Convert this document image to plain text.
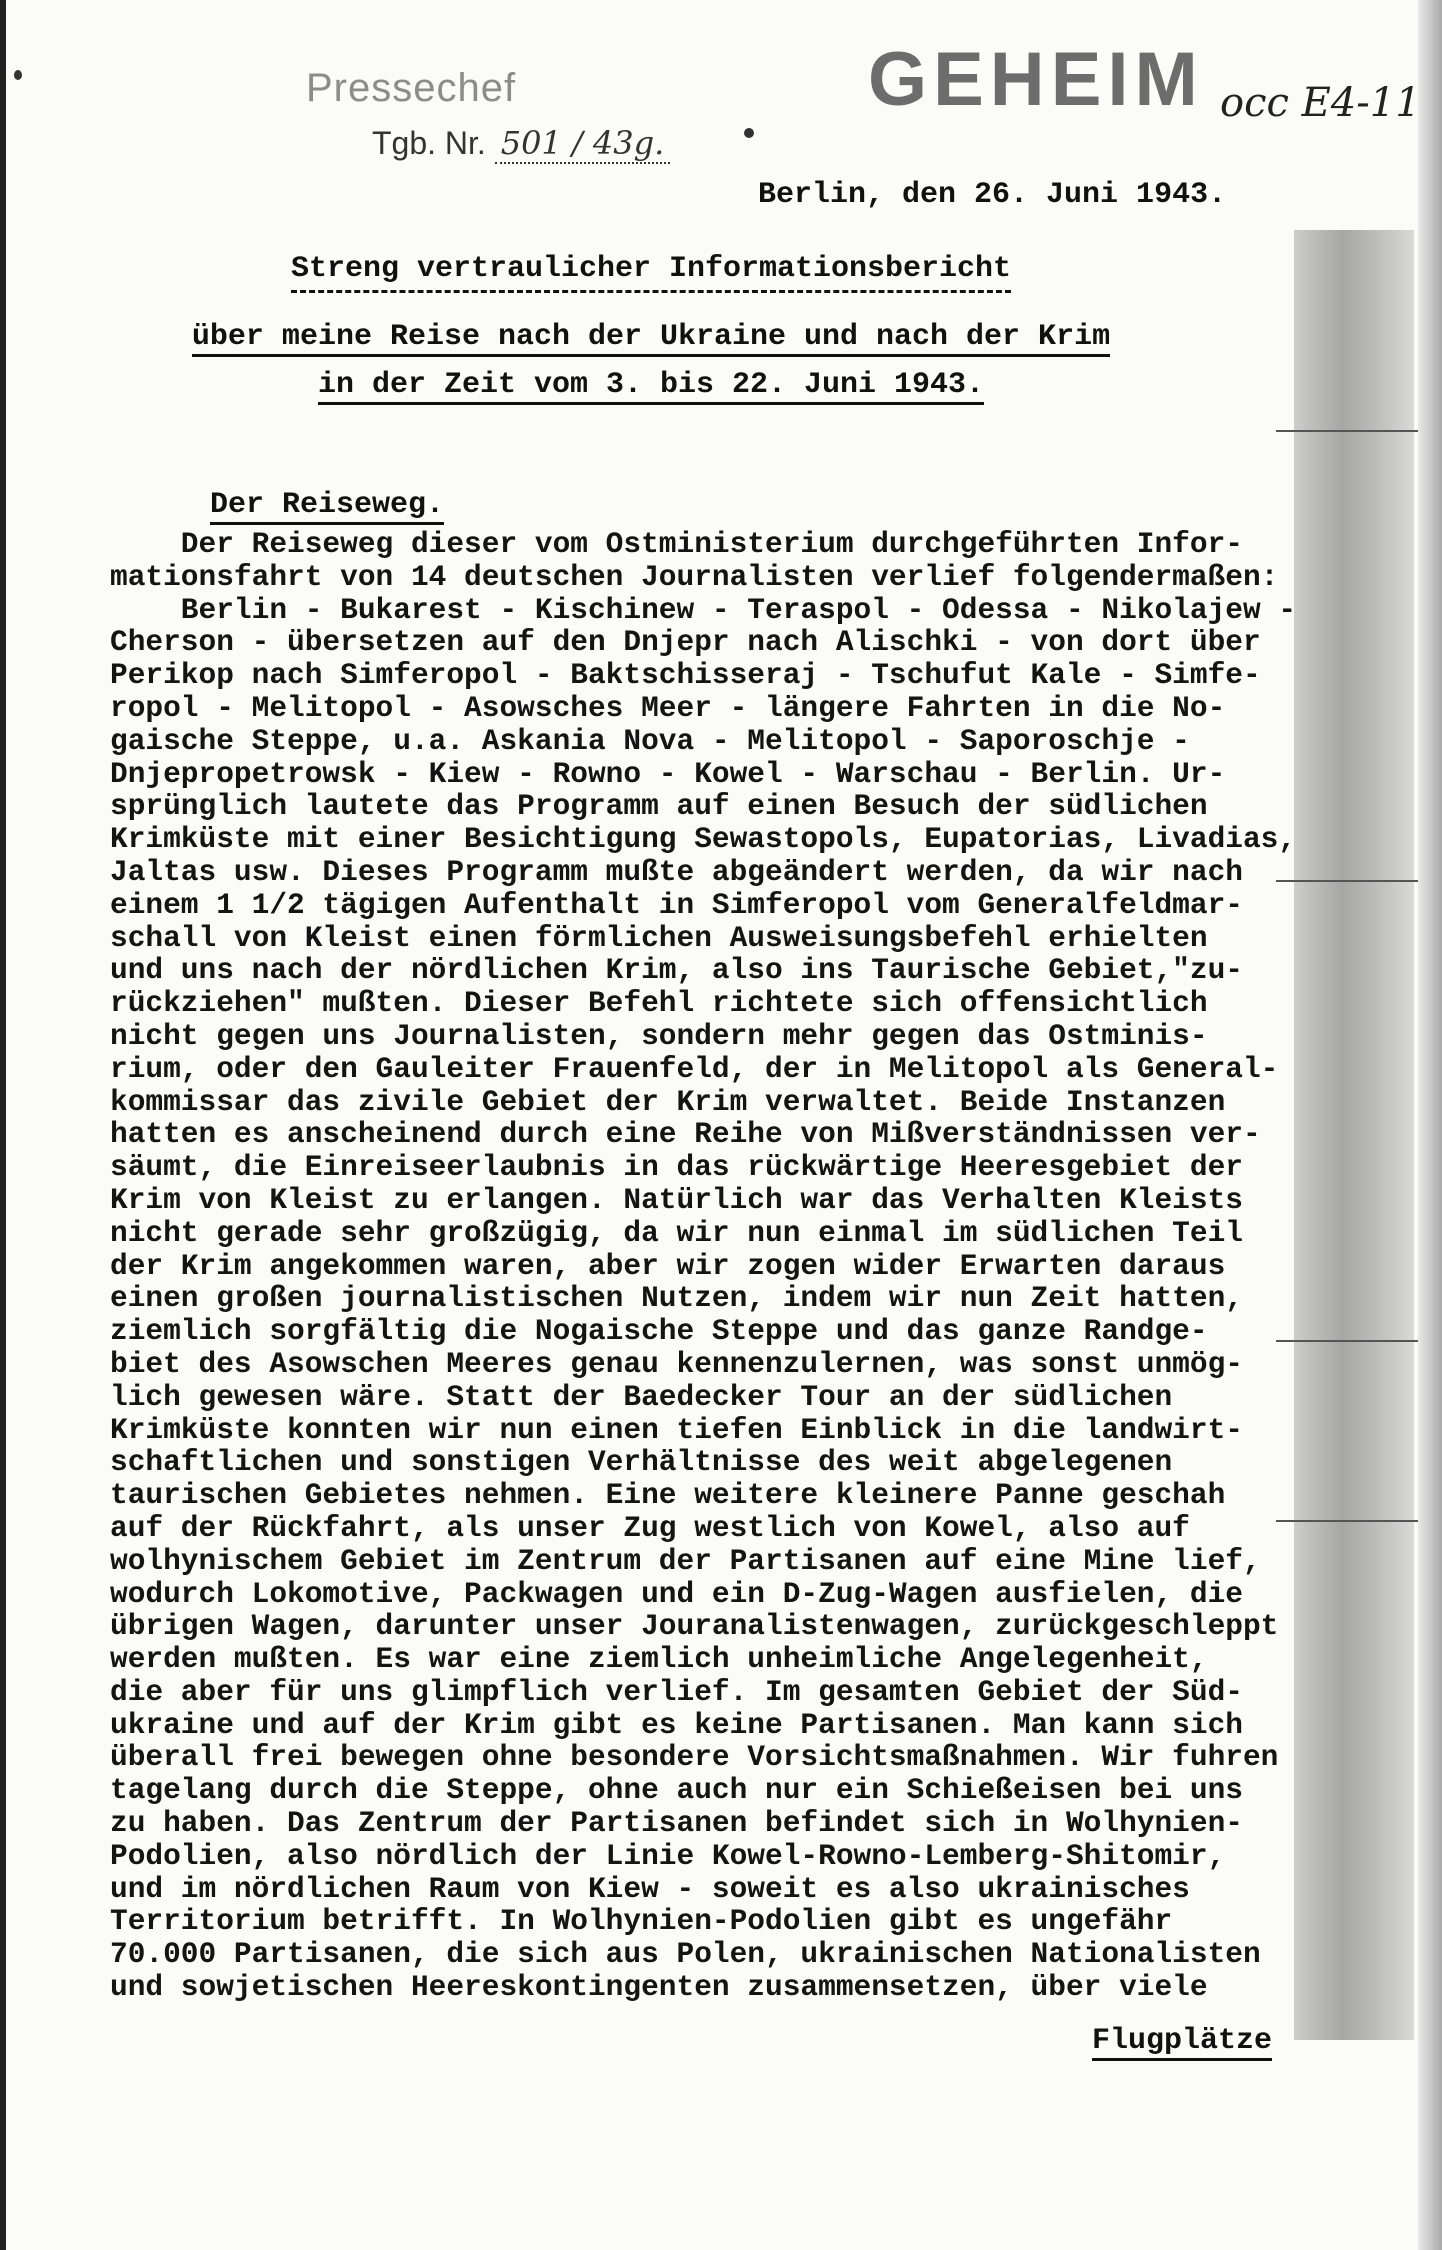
Pressechef
Tgb. Nr. 501 / 43g.
GEHEIM occ E4-11
Berlin, den 26. Juni 1943.
Streng vertraulicher Informationsbericht
über meine Reise nach der Ukraine und nach der Krim
in der Zeit vom 3. bis 22. Juni 1943.
Der Reiseweg.
Der Reiseweg dieser vom Ostministerium durchgeführten Infor-
mationsfahrt von 14 deutschen Journalisten verlief folgendermaßen:
Berlin - Bukarest - Kischinew - Teraspol - Odessa - Nikolajew -
Cherson - übersetzen auf den Dnjepr nach Alischki - von dort über
Perikop nach Simferopol - Baktschisseraj - Tschufut Kale - Simfe-
ropol - Melitopol - Asowsches Meer - längere Fahrten in die No-
gaische Steppe, u.a. Askania Nova - Melitopol - Saporoschje -
Dnjepropetrowsk - Kiew - Rowno - Kowel - Warschau - Berlin. Ur-
sprünglich lautete das Programm auf einen Besuch der südlichen
Krimküste mit einer Besichtigung Sewastopols, Eupatorias, Livadias,
Jaltas usw. Dieses Programm mußte abgeändert werden, da wir nach
einem 1 1/2 tägigen Aufenthalt in Simferopol vom Generalfeldmar-
schall von Kleist einen förmlichen Ausweisungsbefehl erhielten
und uns nach der nördlichen Krim, also ins Taurische Gebiet,"zu-
rückziehen" mußten. Dieser Befehl richtete sich offensichtlich
nicht gegen uns Journalisten, sondern mehr gegen das Ostminis-
rium, oder den Gauleiter Frauenfeld, der in Melitopol als General-
kommissar das zivile Gebiet der Krim verwaltet. Beide Instanzen
hatten es anscheinend durch eine Reihe von Mißverständnissen ver-
säumt, die Einreiseerlaubnis in das rückwärtige Heeresgebiet der
Krim von Kleist zu erlangen. Natürlich war das Verhalten Kleists
nicht gerade sehr großzügig, da wir nun einmal im südlichen Teil
der Krim angekommen waren, aber wir zogen wider Erwarten daraus
einen großen journalistischen Nutzen, indem wir nun Zeit hatten,
ziemlich sorgfältig die Nogaische Steppe und das ganze Randge-
biet des Asowschen Meeres genau kennenzulernen, was sonst unmög-
lich gewesen wäre. Statt der Baedecker Tour an der südlichen
Krimküste konnten wir nun einen tiefen Einblick in die landwirt-
schaftlichen und sonstigen Verhältnisse des weit abgelegenen
taurischen Gebietes nehmen. Eine weitere kleinere Panne geschah
auf der Rückfahrt, als unser Zug westlich von Kowel, also auf
wolhynischem Gebiet im Zentrum der Partisanen auf eine Mine lief,
wodurch Lokomotive, Packwagen und ein D-Zug-Wagen ausfielen, die
übrigen Wagen, darunter unser Jouranalistenwagen, zurückgeschleppt
werden mußten. Es war eine ziemlich unheimliche Angelegenheit,
die aber für uns glimpflich verlief. Im gesamten Gebiet der Süd-
ukraine und auf der Krim gibt es keine Partisanen. Man kann sich
überall frei bewegen ohne besondere Vorsichtsmaßnahmen. Wir fuhren
tagelang durch die Steppe, ohne auch nur ein Schießeisen bei uns
zu haben. Das Zentrum der Partisanen befindet sich in Wolhynien-
Podolien, also nördlich der Linie Kowel-Rowno-Lemberg-Shitomir,
und im nördlichen Raum von Kiew - soweit es also ukrainisches
Territorium betrifft. In Wolhynien-Podolien gibt es ungefähr
70.000 Partisanen, die sich aus Polen, ukrainischen Nationalisten
und sowjetischen Heereskontingenten zusammensetzen, über viele
Flugplätze
